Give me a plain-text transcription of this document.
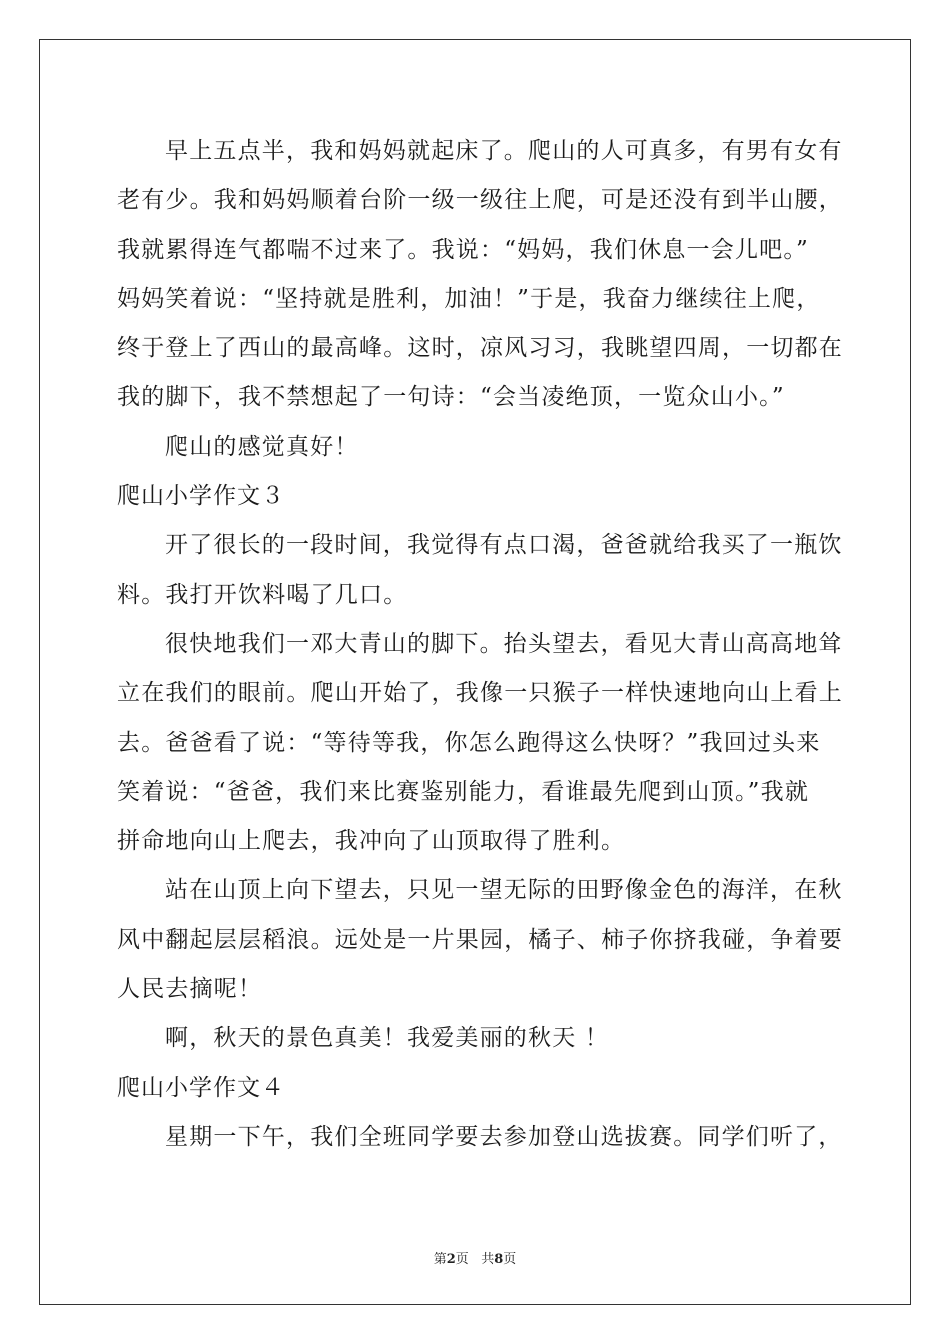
早上五点半，我和妈妈就起床了。爬山的人可真多，有男有女有
老有少。我和妈妈顺着台阶一级一级往上爬，可是还没有到半山腰，
我就累得连气都喘不过来了。我说：“妈妈，我们休息一会儿吧。”
妈妈笑着说：“坚持就是胜利，加油！”于是，我奋力继续往上爬，
终于登上了西山的最高峰。这时，凉风习习，我眺望四周，一切都在
我的脚下，我不禁想起了一句诗：“会当凌绝顶，一览众山小。”
爬山的感觉真好！
爬山小学作文３
开了很长的一段时间，我觉得有点口渴，爸爸就给我买了一瓶饮
料。我打开饮料喝了几口。
很快地我们一邓大青山的脚下。抬头望去，看见大青山高高地耸
立在我们的眼前。爬山开始了，我像一只猴子一样快速地向山上看上
去。爸爸看了说：“等待等我，你怎么跑得这么快呀？”我回过头来
笑着说：“爸爸，我们来比赛鉴别能力，看谁最先爬到山顶。”我就
拼命地向山上爬去，我冲向了山顶取得了胜利。
站在山顶上向下望去，只见一望无际的田野像金色的海洋，在秋
风中翻起层层稻浪。远处是一片果园，橘子、柿子你挤我碰，争着要
人民去摘呢！
啊，秋天的景色真美！我爱美丽的秋天 ！
爬山小学作文４
星期一下午，我们全班同学要去参加登山选拔赛。同学们听了，
第2页 共8页
